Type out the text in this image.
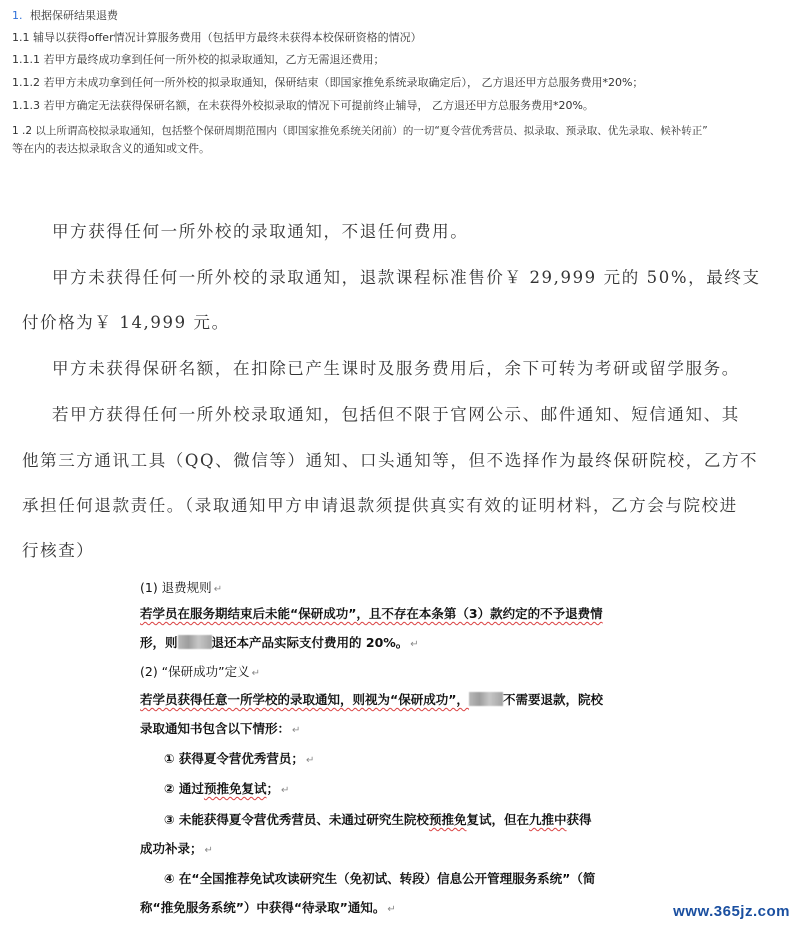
1. 根据保研结果退费
1.1 辅导以获得offer情况计算服务费用（包括甲方最终未获得本校保研资格的情况）
1.1.1 若甲方最终成功拿到任何一所外校的拟录取通知，乙方无需退还费用；
1.1.2 若甲方未成功拿到任何一所外校的拟录取通知，保研结束（即国家推免系统录取确定后）， 乙方退还甲方总服务费用*20%；
1.1.3 若甲方确定无法获得保研名额，在未获得外校拟录取的情况下可提前终止辅导， 乙方退还甲方总服务费用*20%。
1 .2 以上所谓高校拟录取通知，包括整个保研周期范围内（即国家推免系统关闭前）的一切“夏令营优秀营员、拟录取、预录取、优先录取、候补转正”
等在内的表达拟录取含义的通知或文件。
甲方获得任何一所外校的录取通知，不退任何费用。
甲方未获得任何一所外校的录取通知，退款课程标准售价￥ 29,999 元的 50%，最终支
付价格为￥ 14,999 元。
甲方未获得保研名额，在扣除已产生课时及服务费用后，余下可转为考研或留学服务。
若甲方获得任何一所外校录取通知，包括但不限于官网公示、邮件通知、短信通知、其
他第三方通讯工具（QQ、微信等）通知、口头通知等，但不选择作为最终保研院校，乙方不
承担任何退款责任。（录取通知甲方申请退款须提供真实有效的证明材料，乙方会与院校进
行核查）
(1) 退费规则 ↵
若学员在服务期结束后未能“保研成功”，且不存在本条第（3）款约定的不予退费情
形，则	退还本产品实际支付费用的 20%。 ↵
(2) “保研成功”定义 ↵
若学员获得任意一所学校的录取通知，则视为“保研成功”，	不需要退款，院校
录取通知书包含以下情形： ↵
① 获得夏令营优秀营员； ↵
② 通过预推免复试； ↵
③ 未能获得夏令营优秀营员、未通过研究生院校预推免复试，但在九推中获得
成功补录； ↵
④ 在“全国推荐免试攻读研究生（免初试、转段）信息公开管理服务系统”（简
称“推免服务系统”）中获得“待录取”通知。 ↵	www.365jz.com
